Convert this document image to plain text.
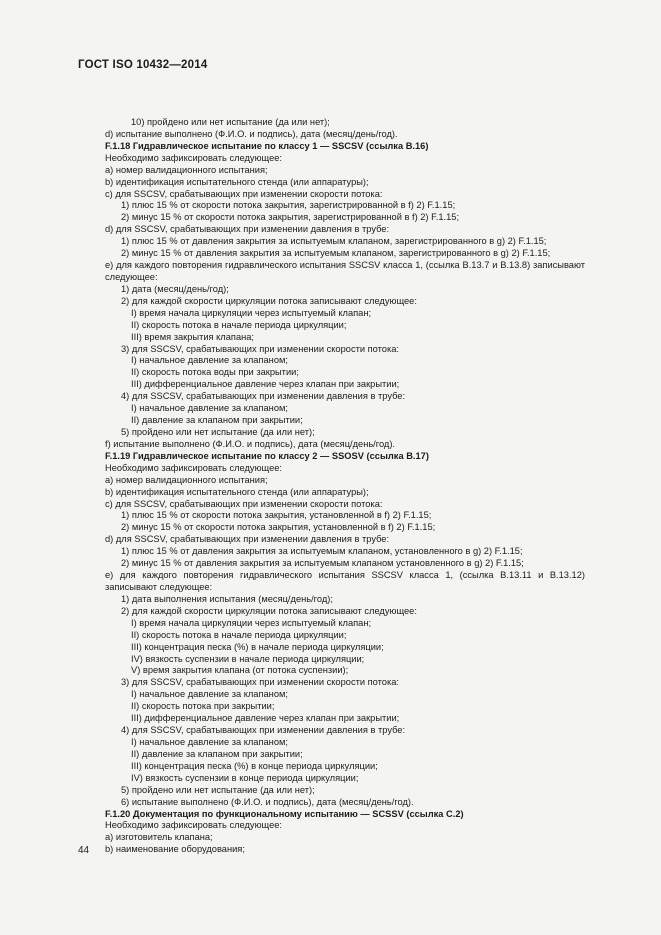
ГОСТ ISO 10432—2014
10) пройдено или нет испытание (да или нет);
d) испытание выполнено (Ф.И.О. и подпись), дата (месяц/день/год).
F.1.18 Гидравлическое испытание по классу 1 — SSCSV (ссылка В.16)
Необходимо зафиксировать следующее:
a) номер валидационного испытания;
b) идентификация испытательного стенда (или аппаратуры);
c) для SSCSV, срабатывающих при изменении скорости потока:
1) плюс 15 % от скорости потока закрытия, зарегистрированной в f) 2) F.1.15;
2) минус 15 % от скорости потока закрытия, зарегистрированной в f) 2) F.1.15;
d) для SSCSV, срабатывающих при изменении давления в трубе:
1) плюс 15 % от давления закрытия за испытуемым клапаном, зарегистрированного в g) 2) F.1.15;
2) минус 15 % от давления закрытия за испытуемым клапаном, зарегистрированного в g) 2) F.1.15;
e) для каждого повторения гидравлического испытания SSCSV класса 1, (ссылка В.13.7 и В.13.8) записывают следующее:
1) дата (месяц/день/год);
2) для каждой скорости циркуляции потока записывают следующее:
I) время начала циркуляции через испытуемый клапан;
II) скорость потока в начале периода циркуляции;
III) время закрытия клапана;
3) для SSCSV, срабатывающих при изменении скорости потока:
I) начальное давление за клапаном;
II) скорость потока воды при закрытии;
III) дифференциальное давление через клапан при закрытии;
4) для SSCSV, срабатывающих при изменении давления в трубе:
I) начальное давление за клапаном;
II) давление за клапаном при закрытии;
5) пройдено или нет испытание (да или нет);
f) испытание выполнено (Ф.И.О. и подпись), дата (месяц/день/год).
F.1.19 Гидравлическое испытание по классу 2 — SSOSV (ссылка В.17)
Необходимо зафиксировать следующее:
a) номер валидационного испытания;
b) идентификация испытательного стенда (или аппаратуры);
c) для SSCSV, срабатывающих при изменении скорости потока:
1) плюс 15 % от скорости потока закрытия, установленной в f) 2) F.1.15;
2) минус 15 % от скорости потока закрытия, установленной в f) 2) F.1.15;
d) для SSCSV, срабатывающих при изменении давления в трубе:
1) плюс 15 % от давления закрытия за испытуемым клапаном, установленного в g) 2) F.1.15;
2) минус 15 % от давления закрытия за испытуемым клапаном установленного в g) 2) F.1.15;
e) для каждого повторения гидравлического испытания SSCSV класса 1, (ссылка В.13.11 и В.13.12) записывают следующее:
1) дата выполнения испытания (месяц/день/год);
2) для каждой скорости циркуляции потока записывают следующее:
I) время начала циркуляции через испытуемый клапан;
II) скорость потока в начале периода циркуляции;
III) концентрация песка (%) в начале периода циркуляции;
IV) вязкость суспензии в начале периода циркуляции;
V) время закрытия клапана (от потока суспензии);
3) для SSCSV, срабатывающих при изменении скорости потока:
I) начальное давление за клапаном;
II) скорость потока при закрытии;
III) дифференциальное давление через клапан при закрытии;
4) для SSCSV, срабатывающих при изменении давления в трубе:
I) начальное давление за клапаном;
II) давление за клапаном при закрытии;
III) концентрация песка (%) в конце периода циркуляции;
IV) вязкость суспензии в конце периода циркуляции;
5) пройдено или нет испытание (да или нет);
6) испытание выполнено (Ф.И.О. и подпись), дата (месяц/день/год).
F.1.20 Документация по функциональному испытанию — SCSSV (ссылка С.2)
Необходимо зафиксировать следующее:
a) изготовитель клапана;
b) наименование оборудования;
44
